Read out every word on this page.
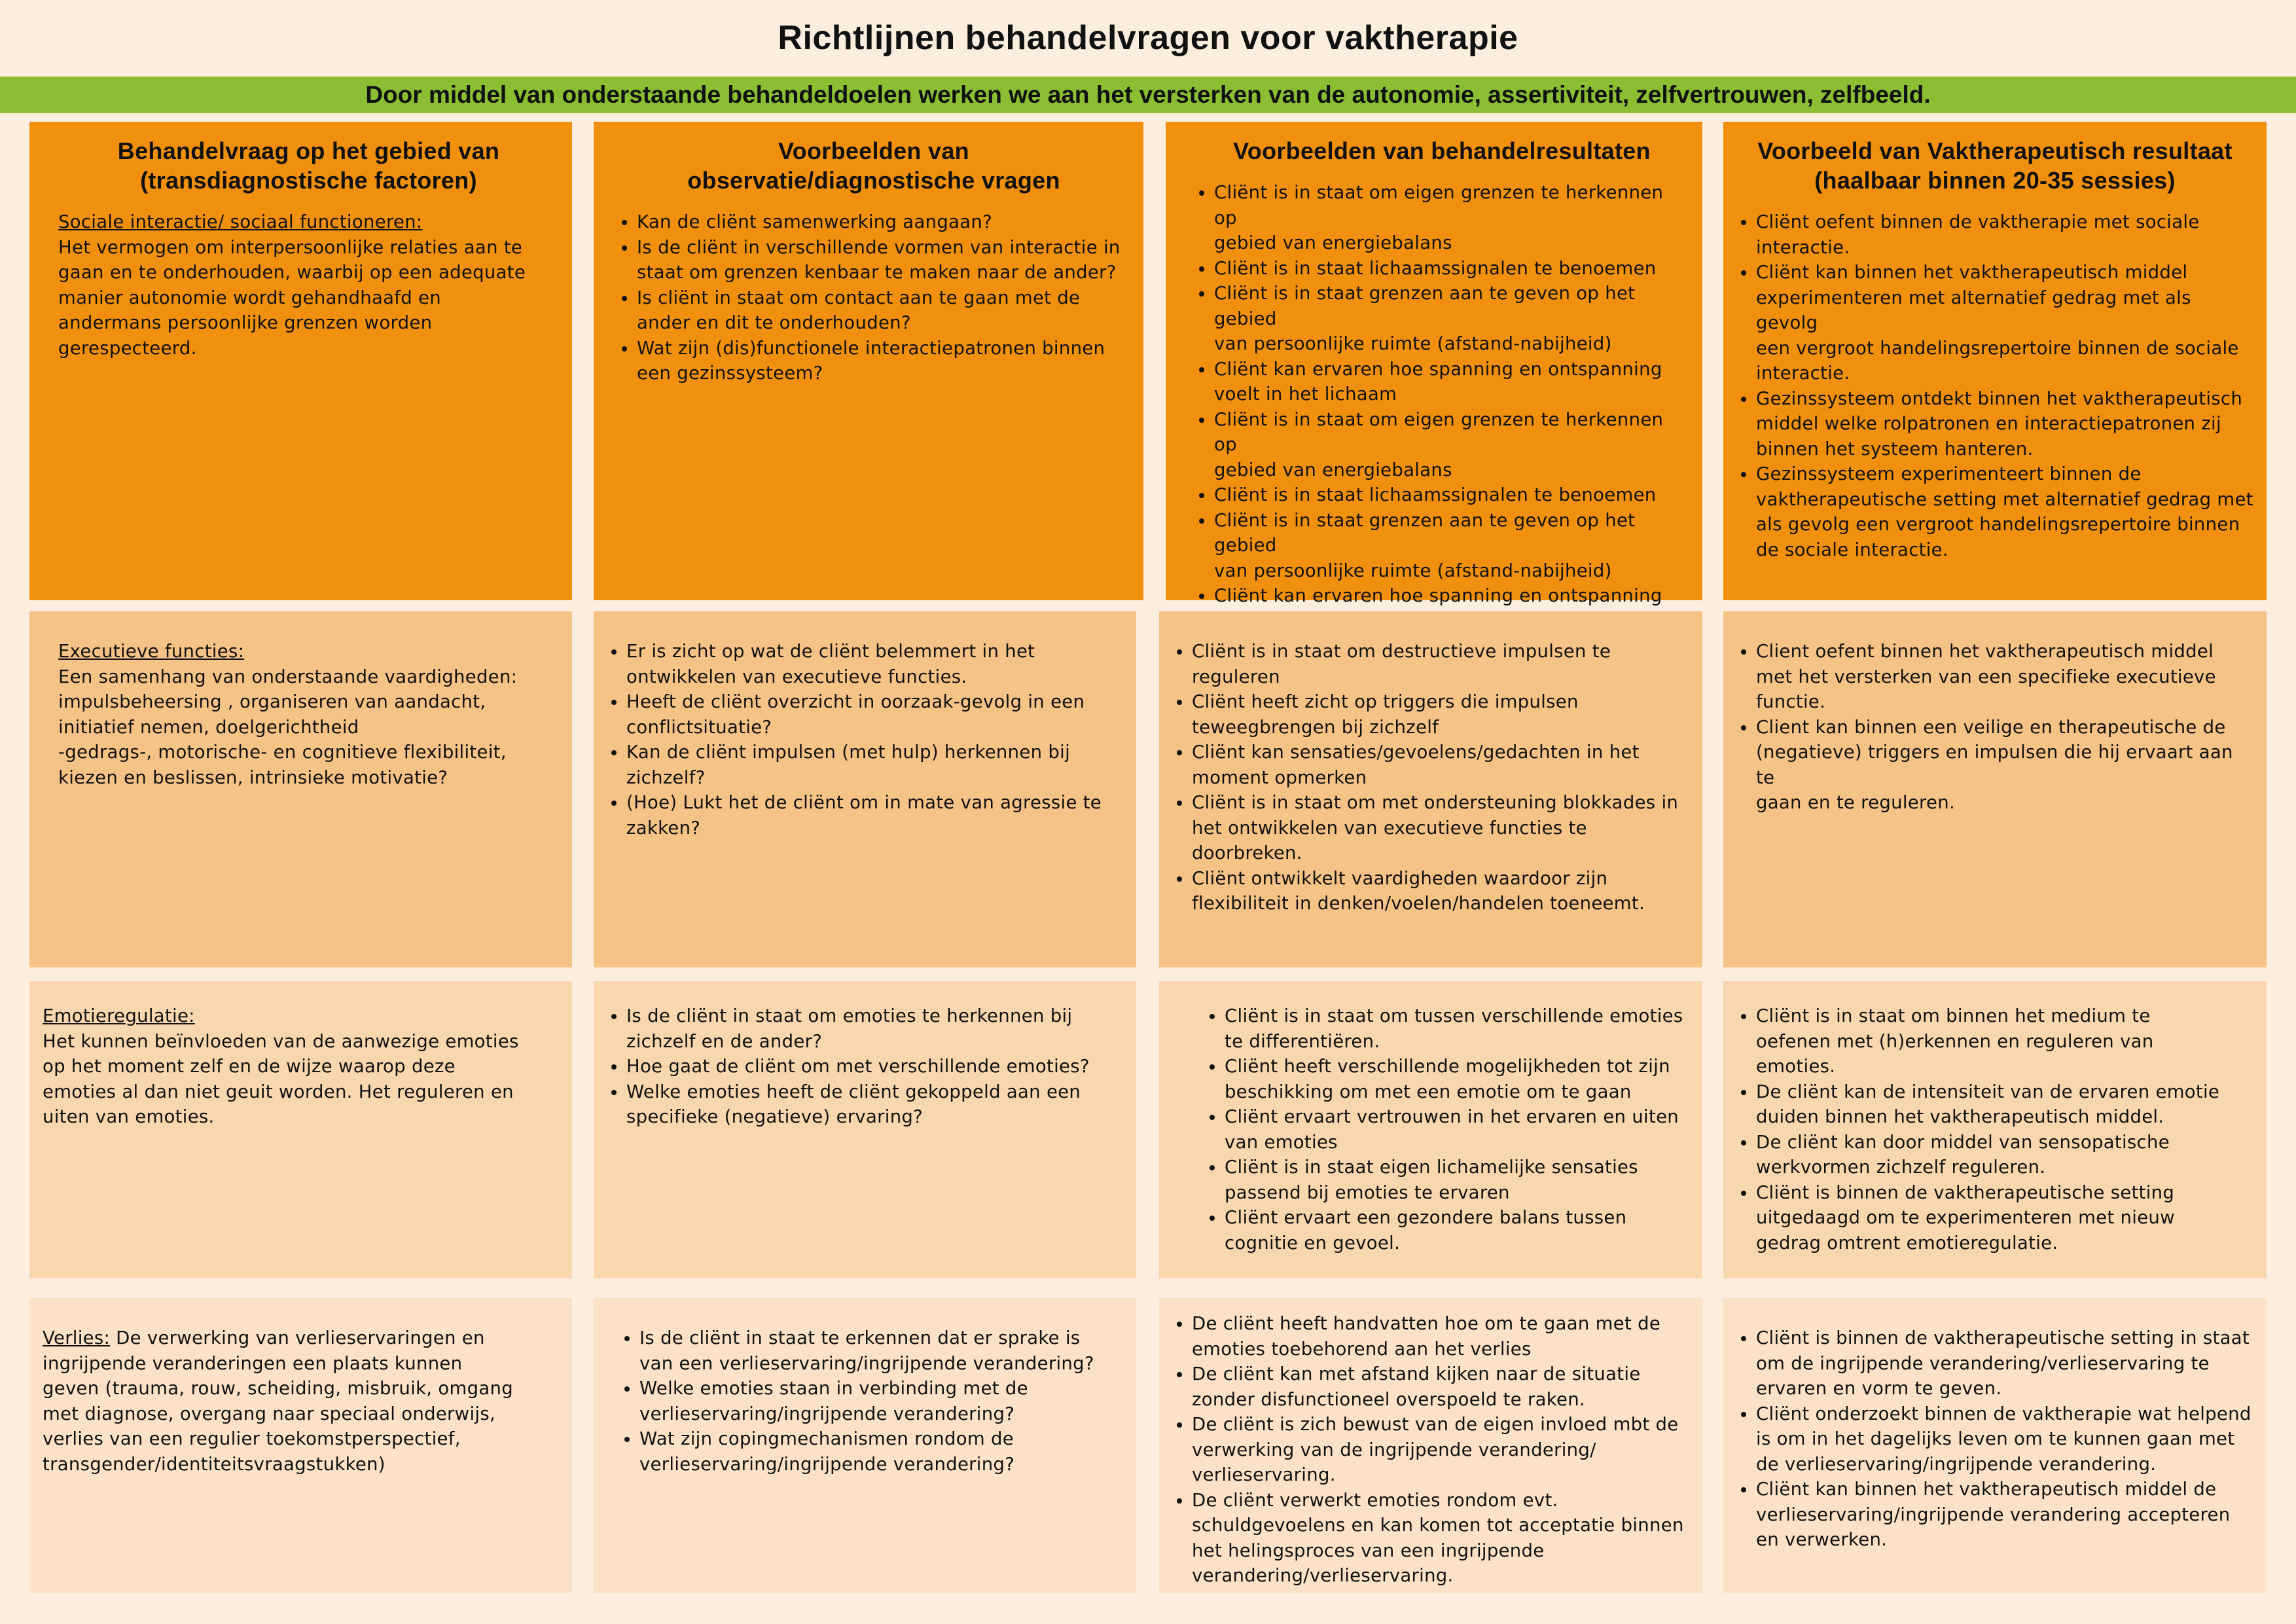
Richtlijnen behandelvragen voor vaktherapie
Door middel van onderstaande behandeldoelen werken we aan het versterken van de autonomie, assertiviteit, zelfvertrouwen, zelfbeeld.
Behandelvraag op het gebied van
(transdiagnostische factoren)
Sociale interactie/ sociaal functioneren:
Het vermogen om interpersoonlijke relaties aan te
gaan en te onderhouden, waarbij op een adequate
manier autonomie wordt gehandhaafd en
andermans persoonlijke grenzen worden
gerespecteerd.
Voorbeelden van
observatie/diagnostische vragen
• Kan de cliënt samenwerking aangaan?
• Is de cliënt in verschillende vormen van interactie in
staat om grenzen kenbaar te maken naar de ander?
• Is cliënt in staat om contact aan te gaan met de
ander en dit te onderhouden?
• Wat zijn (dis)functionele interactiepatronen binnen
een gezinssysteem?
Voorbeelden van behandelresultaten
• Cliënt is in staat om eigen grenzen te herkennen op
gebied van energiebalans
• Cliënt is in staat lichaamssignalen te benoemen
• Cliënt is in staat grenzen aan te geven op het gebied
van persoonlijke ruimte (afstand-nabijheid)
• Cliënt kan ervaren hoe spanning en ontspanning
voelt in het lichaam
• Cliënt is in staat om eigen grenzen te herkennen op
gebied van energiebalans
• Cliënt is in staat lichaamssignalen te benoemen
• Cliënt is in staat grenzen aan te geven op het gebied
van persoonlijke ruimte (afstand-nabijheid)
• Cliënt kan ervaren hoe spanning en ontspanning
Voorbeeld van Vaktherapeutisch resultaat
(haalbaar binnen 20-35 sessies)
• Cliënt oefent binnen de vaktherapie met sociale
interactie.
• Cliënt kan binnen het vaktherapeutisch middel
experimenteren met alternatief gedrag met als gevolg
een vergroot handelingsrepertoire binnen de sociale
interactie.
• Gezinssysteem ontdekt binnen het vaktherapeutisch
middel welke rolpatronen en interactiepatronen zij
binnen het systeem hanteren.
• Gezinssysteem experimenteert binnen de
vaktherapeutische setting met alternatief gedrag met
als gevolg een vergroot handelingsrepertoire binnen
de sociale interactie.
Executieve functies:
Een samenhang van onderstaande vaardigheden:
impulsbeheersing , organiseren van aandacht,
initiatief nemen, doelgerichtheid
-gedrags-, motorische- en cognitieve flexibiliteit,
kiezen en beslissen, intrinsieke motivatie?
• Er is zicht op wat de cliënt belemmert in het
ontwikkelen van executieve functies.
• Heeft de cliënt overzicht in oorzaak-gevolg in een
conflictsituatie?
• Kan de cliënt impulsen (met hulp) herkennen bij
zichzelf?
• (Hoe) Lukt het de cliënt om in mate van agressie te
zakken?
• Cliënt is in staat om destructieve impulsen te
reguleren
• Cliënt heeft zicht op triggers die impulsen
teweegbrengen bij zichzelf
• Cliënt kan sensaties/gevoelens/gedachten in het
moment opmerken
• Cliënt is in staat om met ondersteuning blokkades in
het ontwikkelen van executieve functies te
doorbreken.
• Cliënt ontwikkelt vaardigheden waardoor zijn
flexibiliteit in denken/voelen/handelen toeneemt.
• Client oefent binnen het vaktherapeutisch middel
met het versterken van een specifieke executieve
functie.
• Client kan binnen een veilige en therapeutische de
(negatieve) triggers en impulsen die hij ervaart aan te
gaan en te reguleren.
Emotieregulatie:
Het kunnen beïnvloeden van de aanwezige emoties
op het moment zelf en de wijze waarop deze
emoties al dan niet geuit worden. Het reguleren en
uiten van emoties.
• Is de cliënt in staat om emoties te herkennen bij
zichzelf en de ander?
• Hoe gaat de cliënt om met verschillende emoties?
• Welke emoties heeft de cliënt gekoppeld aan een
specifieke (negatieve) ervaring?
• Cliënt is in staat om tussen verschillende emoties
te differentiëren.
• Cliënt heeft verschillende mogelijkheden tot zijn
beschikking om met een emotie om te gaan
• Cliënt ervaart vertrouwen in het ervaren en uiten
van emoties
• Cliënt is in staat eigen lichamelijke sensaties
passend bij emoties te ervaren
• Cliënt ervaart een gezondere balans tussen
cognitie en gevoel.
• Cliënt is in staat om binnen het medium te
oefenen met (h)erkennen en reguleren van
emoties.
• De cliënt kan de intensiteit van de ervaren emotie
duiden binnen het vaktherapeutisch middel.
• De cliënt kan door middel van sensopatische
werkvormen zichzelf reguleren.
• Cliënt is binnen de vaktherapeutische setting
uitgedaagd om te experimenteren met nieuw
gedrag omtrent emotieregulatie.
Verlies: De verwerking van verlieservaringen en
ingrijpende veranderingen een plaats kunnen
geven (trauma, rouw, scheiding, misbruik, omgang
met diagnose, overgang naar speciaal onderwijs,
verlies van een regulier toekomstperspectief,
transgender/identiteitsvraagstukken)
• Is de cliënt in staat te erkennen dat er sprake is
van een verlieservaring/ingrijpende verandering?
• Welke emoties staan in verbinding met de
verlieservaring/ingrijpende verandering?
• Wat zijn copingmechanismen rondom de
verlieservaring/ingrijpende verandering?
• De cliënt heeft handvatten hoe om te gaan met de
emoties toebehorend aan het verlies
• De cliënt kan met afstand kijken naar de situatie
zonder disfunctioneel overspoeld te raken.
• De cliënt is zich bewust van de eigen invloed mbt de
verwerking van de ingrijpende verandering/
verlieservaring.
• De cliënt verwerkt emoties rondom evt.
schuldgevoelens en kan komen tot acceptatie binnen
het helingsproces van een ingrijpende
verandering/verlieservaring.
• Cliënt is binnen de vaktherapeutische setting in staat
om de ingrijpende verandering/verlieservaring te
ervaren en vorm te geven.
• Cliënt onderzoekt binnen de vaktherapie wat helpend
is om in het dagelijks leven om te kunnen gaan met
de verlieservaring/ingrijpende verandering.
• Cliënt kan binnen het vaktherapeutisch middel de
verlieservaring/ingrijpende verandering accepteren
en verwerken.
